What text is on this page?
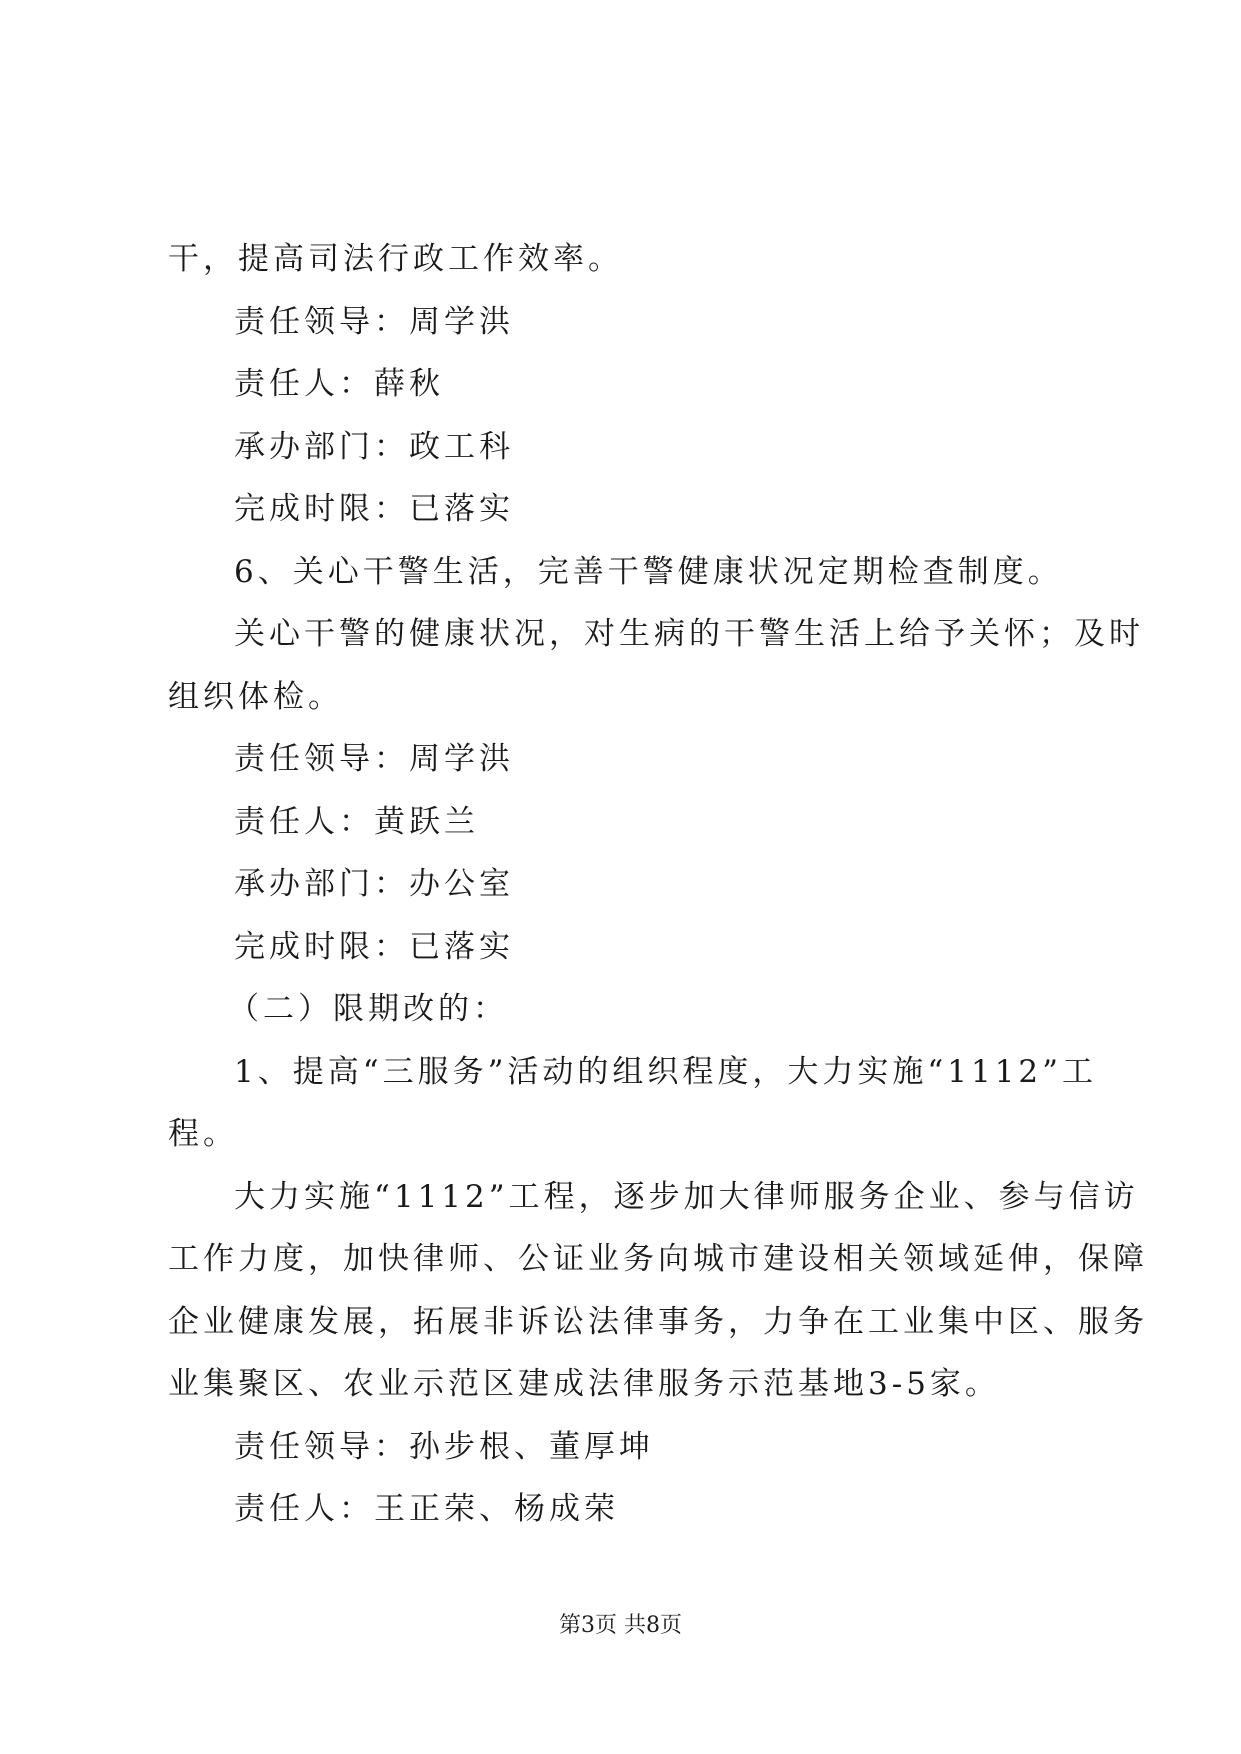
干，提高司法行政工作效率。
责任领导：周学洪
责任人：薛秋
承办部门：政工科
完成时限：已落实
6、关心干警生活，完善干警健康状况定期检查制度。
关心干警的健康状况，对生病的干警生活上给予关怀；及时
组织体检。
责任领导：周学洪
责任人：黄跃兰
承办部门：办公室
完成时限：已落实
（二）限期改的：
1、提高“三服务”活动的组织程度，大力实施“1112”工
程。
大力实施“1112”工程，逐步加大律师服务企业、参与信访
工作力度，加快律师、公证业务向城市建设相关领域延伸，保障
企业健康发展，拓展非诉讼法律事务，力争在工业集中区、服务
业集聚区、农业示范区建成法律服务示范基地3-5家。
责任领导：孙步根、董厚坤
责任人：王正荣、杨成荣
第3页 共8页
